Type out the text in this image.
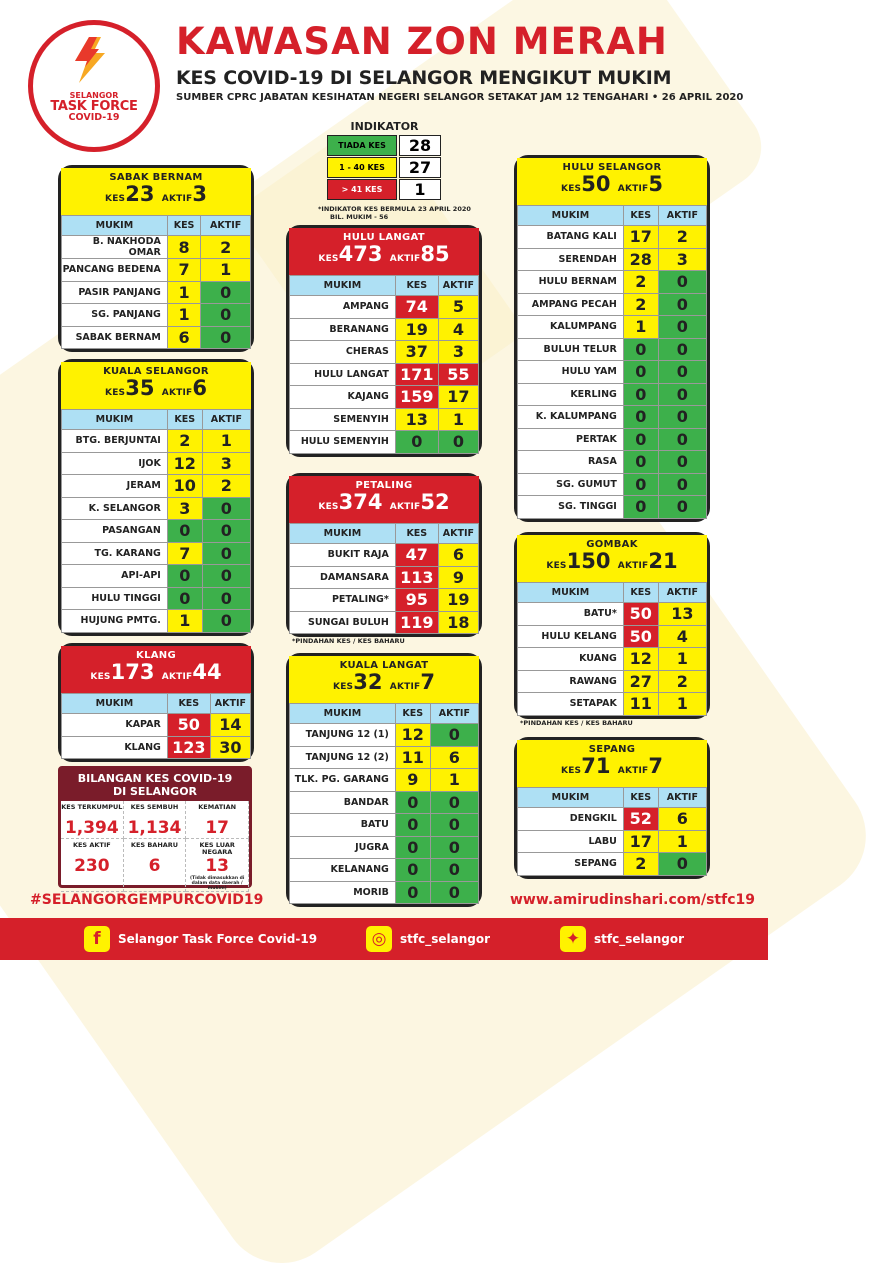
SELANGOR
TASK FORCE
COVID-19
KAWASAN ZON MERAH
KES COVID-19 DI SELANGOR MENGIKUT MUKIM
SUMBER CPRC JABATAN KESIHATAN NEGERI SELANGOR SETAKAT JAM 12 TENGAHARI • 26 APRIL 2020
INDIKATOR
TIADA KES	28
1 - 40 KES	27
> 41 KES	1
*INDIKATOR KES BERMULA 23 APRIL 2020
BIL. MUKIM - 56
SABAK BERNAM
KES23 AKTIF3
MUKIM	KES	AKTIF
B. NAKHODA OMAR	8	2
PANCANG BEDENA	7	1
PASIR PANJANG	1	0
SG. PANJANG	1	0
SABAK BERNAM	6	0
KUALA SELANGOR
KES35 AKTIF6
MUKIM	KES	AKTIF
BTG. BERJUNTAI	2	1
IJOK	12	3
JERAM	10	2
K. SELANGOR	3	0
PASANGAN	0	0
TG. KARANG	7	0
API-API	0	0
HULU TINGGI	0	0
HUJUNG PMTG.	1	0
KLANG
KES173 AKTIF44
MUKIM	KES	AKTIF
KAPAR	50	14
KLANG	123	30
HULU LANGAT
KES473 AKTIF85
MUKIM	KES	AKTIF
AMPANG	74	5
BERANANG	19	4
CHERAS	37	3
HULU LANGAT	171	55
KAJANG	159	17
SEMENYIH	13	1
HULU SEMENYIH	0	0
PETALING
KES374 AKTIF52
MUKIM	KES	AKTIF
BUKIT RAJA	47	6
DAMANSARA	113	9
PETALING*	95	19
SUNGAI BULUH	119	18
KUALA LANGAT
KES32 AKTIF7
MUKIM	KES	AKTIF
TANJUNG 12 (1)	12	0
TANJUNG 12 (2)	11	6
TLK. PG. GARANG	9	1
BANDAR	0	0
BATU	0	0
JUGRA	0	0
KELANANG	0	0
MORIB	0	0
HULU SELANGOR
KES50 AKTIF5
MUKIM	KES	AKTIF
BATANG KALI	17	2
SERENDAH	28	3
HULU BERNAM	2	0
AMPANG PECAH	2	0
KALUMPANG	1	0
BULUH TELUR	0	0
HULU YAM	0	0
KERLING	0	0
K. KALUMPANG	0	0
PERTAK	0	0
RASA	0	0
SG. GUMUT	0	0
SG. TINGGI	0	0
GOMBAK
KES150 AKTIF21
MUKIM	KES	AKTIF
BATU*	50	13
HULU KELANG	50	4
KUANG	12	1
RAWANG	27	2
SETAPAK	11	1
SEPANG
KES71 AKTIF7
MUKIM	KES	AKTIF
DENGKIL	52	6
LABU	17	1
SEPANG	2	0
*PINDAHAN KES / KES BAHARU
*PINDAHAN KES / KES BAHARU
BILANGAN KES COVID-19
DI SELANGOR
KES TERKUMPUL
1,394
KES SEMBUH
1,134
KEMATIAN
17
KES AKTIF
230
KES BAHARU
6
KES LUAR NEGARA
13
(Tidak dimasukkan di dalam data daerah / mukim)
#SELANGORGEMPURCOVID19	www.amirudinshari.com/stfc19
f	Selangor Task Force Covid-19	◎	stfc_selangor	✦	stfc_selangor
